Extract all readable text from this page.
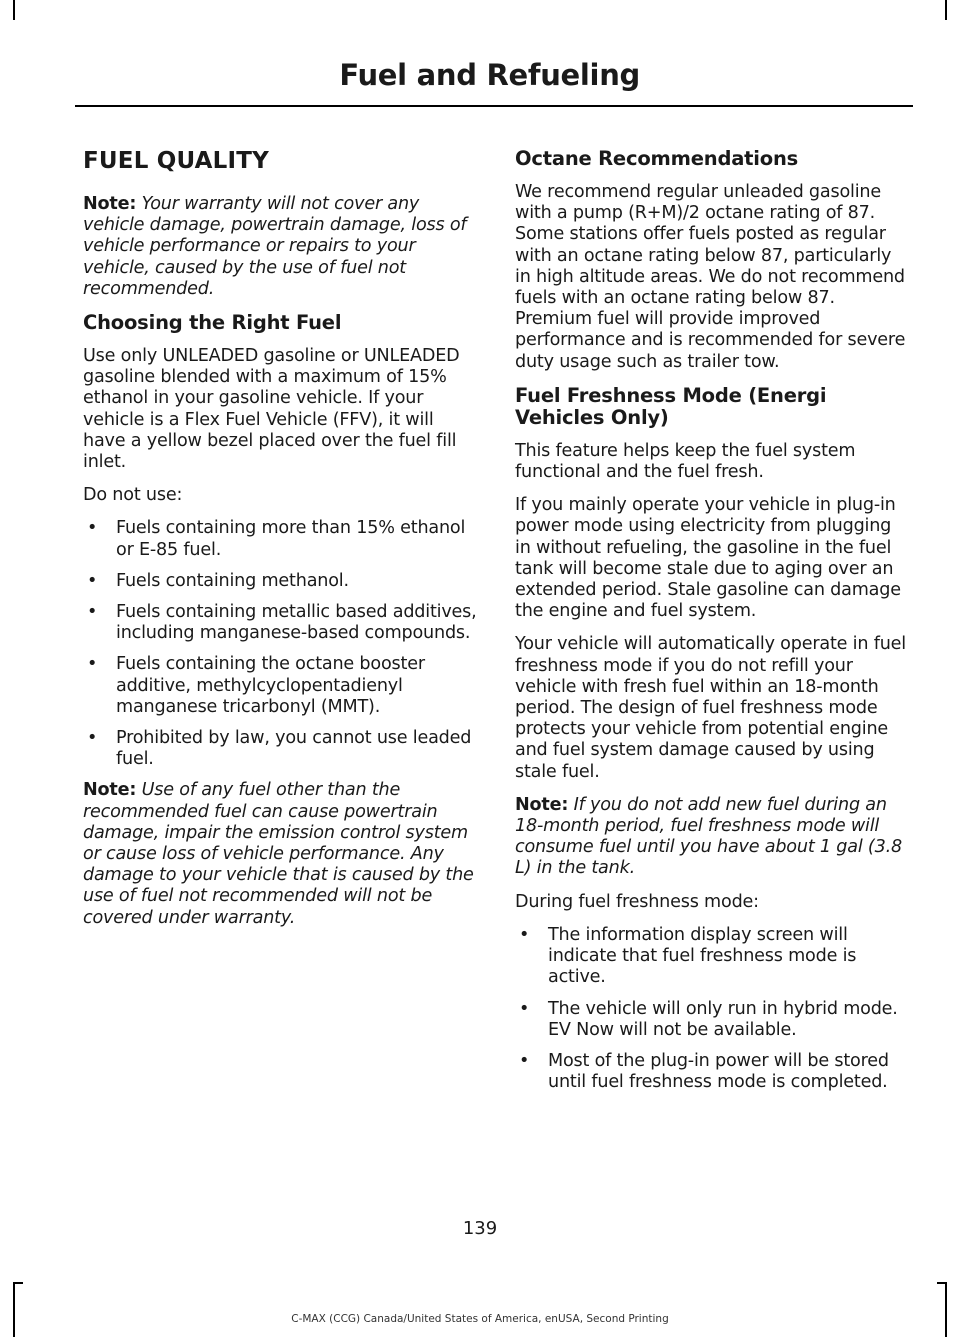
Fuel and Refueling
FUEL QUALITY

Note: Your warranty will not cover any vehicle damage, powertrain damage, loss of vehicle performance or repairs to your vehicle, caused by the use of fuel not recommended.

Choosing the Right Fuel

Use only UNLEADED gasoline or UNLEADED gasoline blended with a maximum of 15% ethanol in your gasoline vehicle. If your vehicle is a Flex Fuel Vehicle (FFV), it will have a yellow bezel placed over the fuel fill inlet.

Do not use:

• Fuels containing more than 15% ethanol or E-85 fuel.
• Fuels containing methanol.
• Fuels containing metallic based additives, including manganese-based compounds.
• Fuels containing the octane booster additive, methylcyclopentadienyl manganese tricarbonyl (MMT).
• Prohibited by law, you cannot use leaded fuel.

Note: Use of any fuel other than the recommended fuel can cause powertrain damage, impair the emission control system or cause loss of vehicle performance. Any damage to your vehicle that is caused by the use of fuel not recommended will not be covered under warranty.

Octane Recommendations

We recommend regular unleaded gasoline with a pump (R+M)/2 octane rating of 87. Some stations offer fuels posted as regular with an octane rating below 87, particularly in high altitude areas. We do not recommend fuels with an octane rating below 87. Premium fuel will provide improved performance and is recommended for severe duty usage such as trailer tow.

Fuel Freshness Mode (Energi Vehicles Only)

This feature helps keep the fuel system functional and the fuel fresh.

If you mainly operate your vehicle in plug-in power mode using electricity from plugging in without refueling, the gasoline in the fuel tank will become stale due to aging over an extended period. Stale gasoline can damage the engine and fuel system.

Your vehicle will automatically operate in fuel freshness mode if you do not refill your vehicle with fresh fuel within an 18-month period. The design of fuel freshness mode protects your vehicle from potential engine and fuel system damage caused by using stale fuel.

Note: If you do not add new fuel during an 18-month period, fuel freshness mode will consume fuel until you have about 1 gal (3.8 L) in the tank.

During fuel freshness mode:

• The information display screen will indicate that fuel freshness mode is active.
• The vehicle will only run in hybrid mode. EV Now will not be available.
• Most of the plug-in power will be stored until fuel freshness mode is completed.
139
C-MAX (CCG) Canada/United States of America, enUSA, Second Printing
